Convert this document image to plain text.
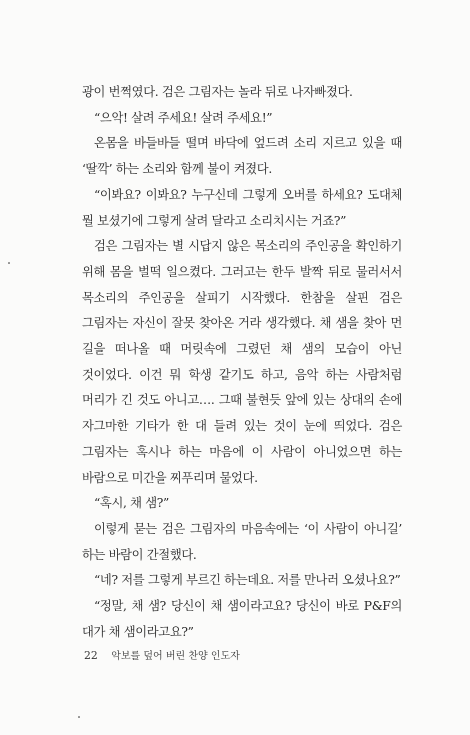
광이 번쩍였다. 검은 그림자는 놀라 뒤로 나자빠졌다.

“으악! 살려 주세요! 살려 주세요!”

온몸을 바들바들 떨며 바닥에 엎드려 소리 지르고 있을 때 ‘딸깍’ 하는 소리와 함께 불이 켜졌다.

“이봐요? 이봐요? 누구신데 그렇게 오버를 하세요? 도대체 뭘 보셨기에 그렇게 살려 달라고 소리치시는 거죠?”

검은 그림자는 별 시답지 않은 목소리의 주인공을 확인하기 위해 몸을 벌떡 일으켰다. 그러고는 한두 발짝 뒤로 물러서서 목소리의 주인공을 살피기 시작했다. 한참을 살핀 검은 그림자는 자신이 잘못 찾아온 거라 생각했다. 채 샘을 찾아 먼 길을 떠나올 때 머릿속에 그렸던 채 샘의 모습이 아닌 것이었다. 이건 뭐 학생 같기도 하고, 음악 하는 사람처럼 머리가 긴 것도 아니고…. 그때 불현듯 앞에 있는 상대의 손에 자그마한 기타가 한 대 들려 있는 것이 눈에 띄었다. 검은 그림자는 혹시나 하는 마음에 이 사람이 아니었으면 하는 바람으로 미간을 찌푸리며 물었다.

“혹시, 채 샘?”

이렇게 묻는 검은 그림자의 마음속에는 ‘이 사람이 아니길’ 하는 바람이 간절했다.

“네? 저를 그렇게 부르긴 하는데요. 저를 만나러 오셨나요?”

“정말, 채 샘? 당신이 채 샘이라고요? 당신이 바로 P&F의 대가 채 샘이라고요?”

22 악보를 덮어 버린 찬양 인도자
